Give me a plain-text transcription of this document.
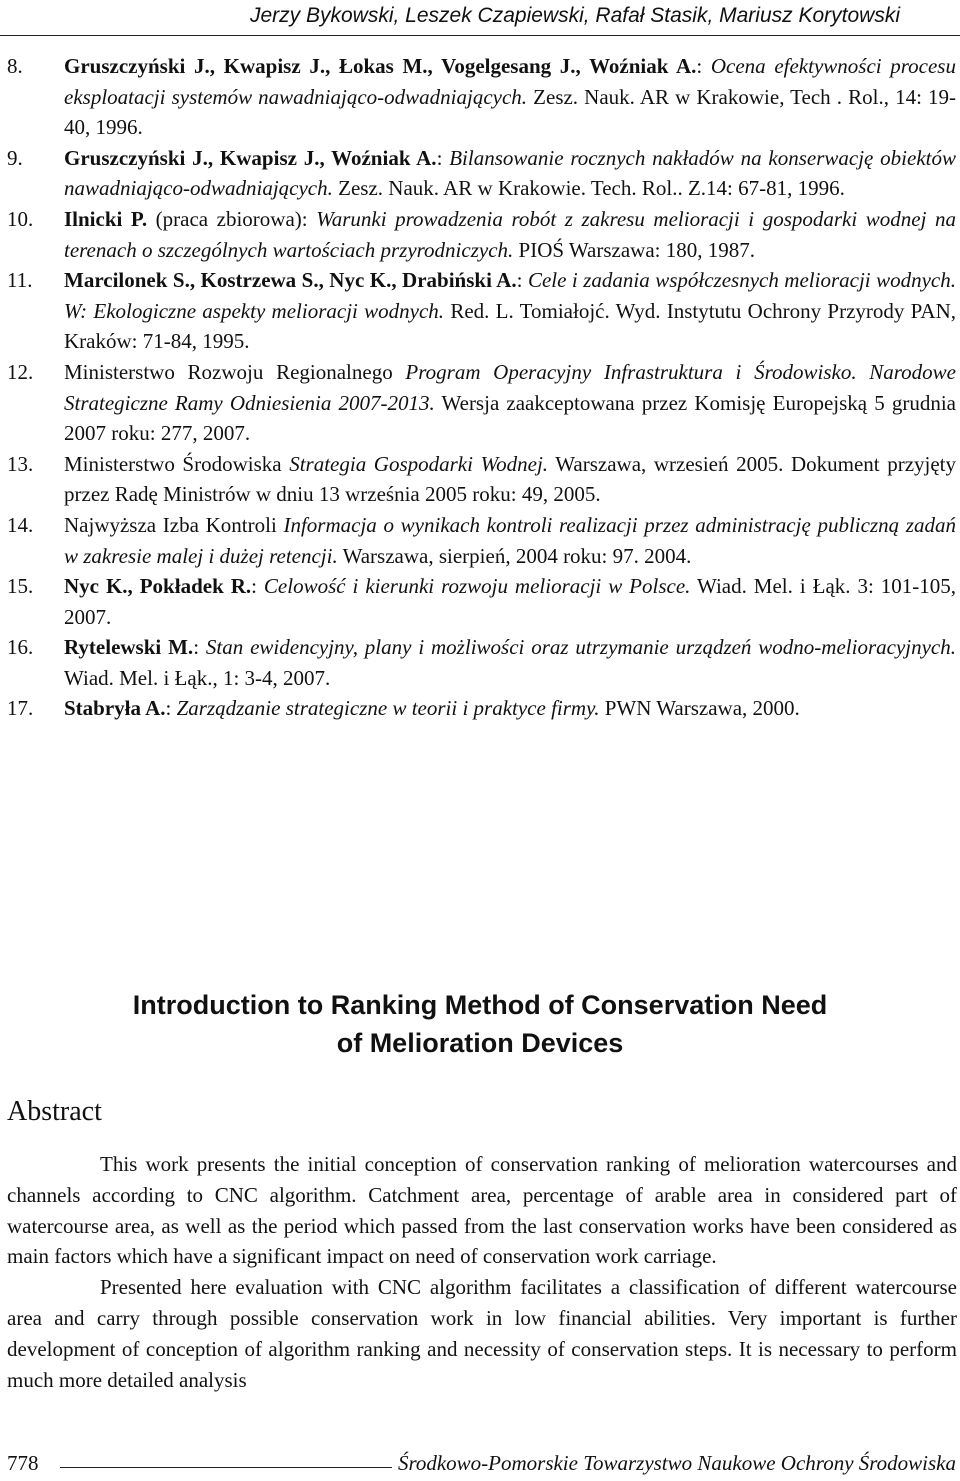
Jerzy Bykowski, Leszek Czapiewski, Rafał Stasik, Mariusz Korytowski
8. Gruszczyński J., Kwapisz J., Łokas M., Vogelgesang J., Woźniak A.: Ocena efektywności procesu eksploatacji systemów nawadniająco-odwadniających. Zesz. Nauk. AR w Krakowie, Tech . Rol., 14: 19-40, 1996.
9. Gruszczyński J., Kwapisz J., Woźniak A.: Bilansowanie rocznych nakładów na konserwację obiektów nawadniająco-odwadniających. Zesz. Nauk. AR w Krakowie. Tech. Rol.. Z.14: 67-81, 1996.
10. Ilnicki P. (praca zbiorowa): Warunki prowadzenia robót z zakresu melioracji i gospodarki wodnej na terenach o szczególnych wartościach przyrodniczych. PIOŚ Warszawa: 180, 1987.
11. Marcilonek S., Kostrzewa S., Nyc K., Drabiński A.: Cele i zadania współczesnych melioracji wodnych. W: Ekologiczne aspekty melioracji wodnych. Red. L. Tomiałojć. Wyd. Instytutu Ochrony Przyrody PAN, Kraków: 71-84, 1995.
12. Ministerstwo Rozwoju Regionalnego Program Operacyjny Infrastruktura i Środowisko. Narodowe Strategiczne Ramy Odniesienia 2007-2013. Wersja zaakceptowana przez Komisję Europejską 5 grudnia 2007 roku: 277, 2007.
13. Ministerstwo Środowiska Strategia Gospodarki Wodnej. Warszawa, wrzesień 2005. Dokument przyjęty przez Radę Ministrów w dniu 13 września 2005 roku: 49, 2005.
14. Najwyższa Izba Kontroli Informacja o wynikach kontroli realizacji przez administrację publiczną zadań w zakresie malej i dużej retencji. Warszawa, sierpień, 2004 roku: 97. 2004.
15. Nyc K., Pokładek R.: Celowość i kierunki rozwoju melioracji w Polsce. Wiad. Mel. i Łąk. 3: 101-105, 2007.
16. Rytelewski M.: Stan ewidencyjny, plany i możliwości oraz utrzymanie urządzeń wodno-melioracyjnych. Wiad. Mel. i Łąk., 1: 3-4, 2007.
17. Stabryła A.: Zarządzanie strategiczne w teorii i praktyce firmy. PWN Warszawa, 2000.
Introduction to Ranking Method of Conservation Need
of Melioration Devices
Abstract

This work presents the initial conception of conservation ranking of melioration watercourses and channels according to CNC algorithm. Catchment area, percentage of arable area in considered part of watercourse area, as well as the period which passed from the last conservation works have been considered as main factors which have a significant impact on need of conservation work carriage.

Presented here evaluation with CNC algorithm facilitates a classification of different watercourse area and carry through possible conservation work in low financial abilities. Very important is further development of conception of algorithm ranking and necessity of conservation steps. It is necessary to perform much more detailed analysis

778	Środkowo-Pomorskie Towarzystwo Naukowe Ochrony Środowiska
